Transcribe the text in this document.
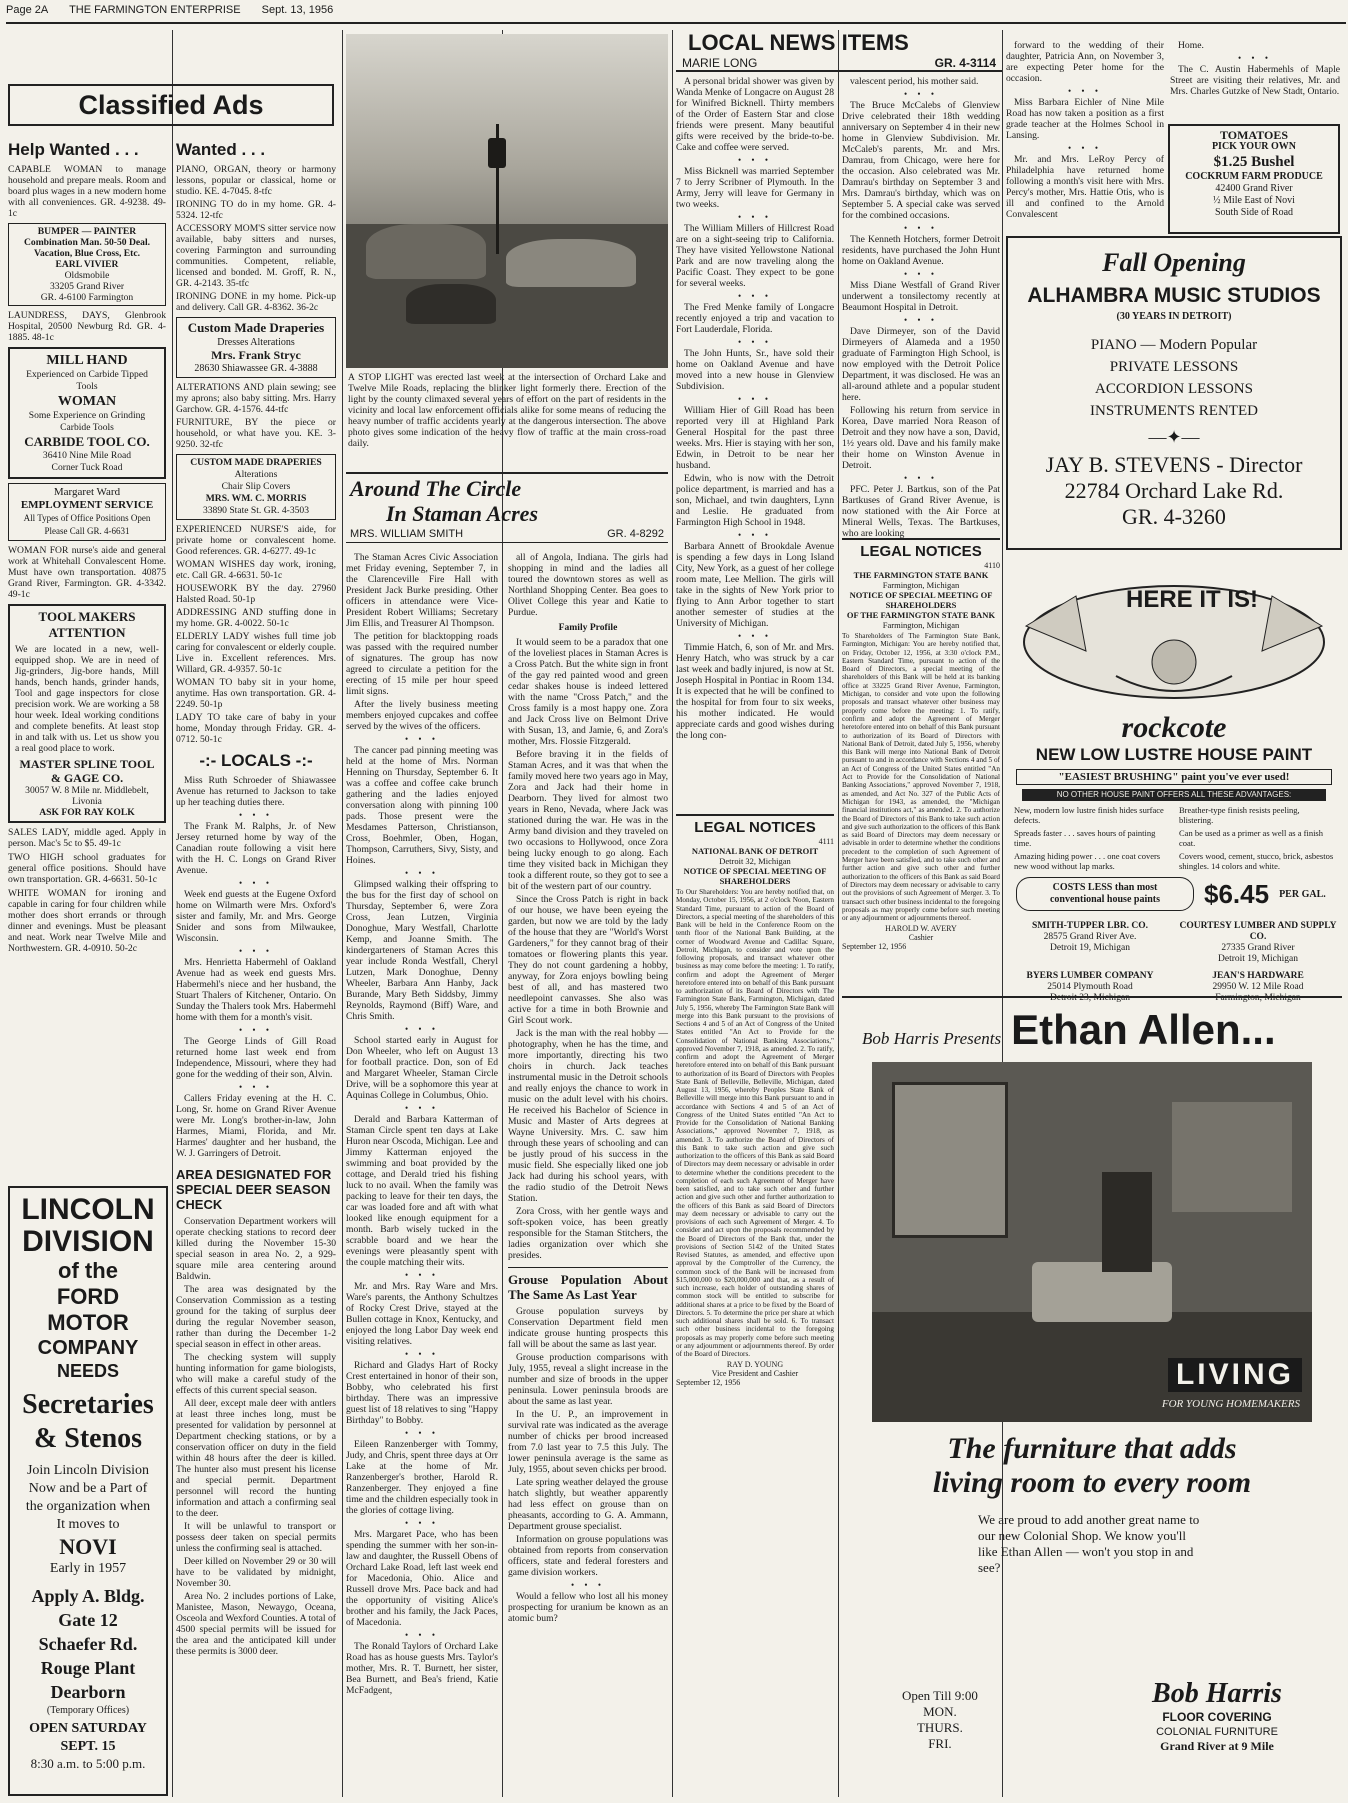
Page 2A THE FARMINGTON ENTERPRISE Sept. 13, 1956
Classified Ads
Help Wanted . . .
CAPABLE WOMAN to manage household and prepare meals. Room and board plus wages in a new modern home with all conveniences. GR. 4-9238. 49-1c
BUMPER — PAINTER
Combination Man. 50-50 Deal.
Vacation, Blue Cross, Etc.
EARL VIVIER
Oldsmobile
33205 Grand River
GR. 4-6100 Farmington
LAUNDRESS, DAYS, Glenbrook Hospital, 20500 Newburg Rd. GR. 4-1885. 48-1c
MILL HAND
Experienced on Carbide Tipped Tools
WOMAN
Some Experience on Grinding Carbide Tools
CARBIDE TOOL CO.
36410 Nine Mile Road
Corner Tuck Road
Margaret Ward
EMPLOYMENT SERVICE
All Types of Office Positions Open
Please Call GR. 4-6631
WOMAN FOR nurse's aide and general work at Whitehall Convalescent Home. Must have own transportation. 40875 Grand River, Farmington. GR. 4-3342. 49-1c
TOOL MAKERS ATTENTION
We are located in a new, well-equipped shop. We are in need of Jig-grinders, Jig-bore hands, Mill hands, bench hands, grinder hands, Tool and gage inspectors for close precision work. We are working a 58 hour week. Ideal working conditions and complete benefits. At least stop in and talk with us. Let us show you a real good place to work.
MASTER SPLINE TOOL & GAGE CO.
30057 W. 8 Mile nr. Middlebelt, Livonia
ASK FOR RAY KOLK
SALES LADY, middle aged. Apply in person. Mac's 5c to $5. 49-1c
TWO HIGH school graduates for general office positions. Should have own transportation. GR. 4-6631. 50-1c
WHITE WOMAN for ironing and capable in caring for four children while mother does short errands or through dinner and evenings. Must be pleasant and neat. Work near Twelve Mile and Northwestern. GR. 4-0910. 50-2c
LINCOLN
DIVISION
of the
FORD
MOTOR
COMPANY
NEEDS
Secretaries
& Stenos
Join Lincoln Division
Now and be a Part of
the organization when
It moves to
NOVI
Early in 1957
Apply A. Bldg.
Gate 12
Schaefer Rd.
Rouge Plant
Dearborn
(Temporary Offices)
OPEN SATURDAY
SEPT. 15
8:30 a.m. to 5:00 p.m.
Wanted . . .
PIANO, ORGAN, theory or harmony lessons, popular or classical, home or studio. KE. 4-7045. 8-tfc
IRONING TO do in my home. GR. 4-5324. 12-tfc
ACCESSORY MOM'S sitter service now available, baby sitters and nurses, covering Farmington and surrounding communities. Competent, reliable, licensed and bonded. M. Groff, R. N., GR. 4-2143. 35-tfc
IRONING DONE in my home. Pick-up and delivery. Call GR. 4-8362. 36-2c
Custom Made Draperies
Dresses Alterations
Mrs. Frank Stryc
28630 Shiawassee GR. 4-3888
ALTERATIONS AND plain sewing; see my aprons; also baby sitting. Mrs. Harry Garchow. GR. 4-1576. 44-tfc
FURNITURE, BY the piece or household, or what have you. KE. 3-9250. 32-tfc
CUSTOM MADE DRAPERIES
Alterations
Chair Slip Covers
MRS. WM. C. MORRIS
33890 State St. GR. 4-3503
EXPERIENCED NURSE'S aide, for private home or convalescent home. Good references. GR. 4-6277. 49-1c
WOMAN WISHES day work, ironing, etc. Call GR. 4-6631. 50-1c
HOUSEWORK BY the day. 27960 Halsted Road. 50-1p
ADDRESSING AND stuffing done in my home. GR. 4-0022. 50-1c
ELDERLY LADY wishes full time job caring for convalescent or elderly couple. Live in. Excellent references. Mrs. Willard, GR. 4-9357. 50-1c
WOMAN TO baby sit in your home, anytime. Has own transportation. GR. 4-2249. 50-1p
LADY TO take care of baby in your home, Monday through Friday. GR. 4-0712. 50-1c
-:- LOCALS -:-

Miss Ruth Schroeder of Shiawassee Avenue has returned to Jackson to take up her teaching duties there.

• • •

The Frank M. Ralphs, Jr. of New Jersey returned home by way of the Canadian route following a visit here with the H. C. Longs on Grand River Avenue.

• • •

Week end guests at the Eugene Oxford home on Wilmarth were Mrs. Oxford's sister and family, Mr. and Mrs. George Snider and sons from Milwaukee, Wisconsin.

• • •

Mrs. Henrietta Habermehl of Oakland Avenue had as week end guests Mrs. Habermehl's niece and her husband, the Stuart Thalers of Kitchener, Ontario. On Sunday the Thalers took Mrs. Habermehl home with them for a month's visit.

• • •

The George Linds of Gill Road returned home last week end from Independence, Missouri, where they had gone for the wedding of their son, Alvin.

• • •

Callers Friday evening at the H. C. Long, Sr. home on Grand River Avenue were Mr. Long's brother-in-law, John Harmes, Miami, Florida, and Mr. Harmes' daughter and her husband, the W. J. Garringers of Detroit.

AREA DESIGNATED FOR SPECIAL DEER SEASON CHECK

Conservation Department workers will operate checking stations to record deer killed during the November 15-30 special season in area No. 2, a 929-square mile area centering around Baldwin.

The area was designated by the Conservation Commission as a testing ground for the taking of surplus deer during the regular November season, rather than during the December 1-2 special season in effect in other areas.

The checking system will supply hunting information for game biologists, who will make a careful study of the effects of this current special season.

All deer, except male deer with antlers at least three inches long, must be presented for validation by personnel at Department checking stations, or by a conservation officer on duty in the field within 48 hours after the deer is killed. The hunter also must present his license and special permit. Department personnel will record the hunting information and attach a confirming seal to the deer.

It will be unlawful to transport or possess deer taken on special permits unless the confirming seal is attached.

Deer killed on November 29 or 30 will have to be validated by midnight, November 30.

Area No. 2 includes portions of Lake, Manistee, Mason, Newaygo, Oceana, Osceola and Wexford Counties. A total of 4500 special permits will be issued for the area and the anticipated kill under these permits is 3000 deer.

A STOP LIGHT was erected last week at the intersection of Orchard Lake and Twelve Mile Roads, replacing the blinker light formerly there. Erection of the light by the county climaxed several years of effort on the part of residents in the vicinity and local law enforcement officials alike for some means of reducing the heavy number of traffic accidents yearly at the dangerous intersection. The above photo gives some indication of the heavy flow of traffic at the main cross-road daily.
Around The Circle
In Staman Acres
MRS. WILLIAM SMITH	GR. 4-8292

The Staman Acres Civic Association met Friday evening, September 7, in the Clarenceville Fire Hall with President Jack Burke presiding. Other officers in attendance were Vice-President Robert Williams; Secretary Jim Ellis, and Treasurer Al Thompson.

The petition for blacktopping roads was passed with the required number of signatures. The group has now agreed to circulate a petition for the erecting of 15 mile per hour speed limit signs.

After the lively business meeting members enjoyed cupcakes and coffee served by the wives of the officers.

• • •

The cancer pad pinning meeting was held at the home of Mrs. Norman Henning on Thursday, September 6. It was a coffee and coffee cake brunch gathering and the ladies enjoyed conversation along with pinning 100 pads. Those present were the Mesdames Patterson, Christianson, Cross, Boehmler, Oben, Hogan, Thompson, Carruthers, Sivy, Sisty, and Hoines.

• • •

Glimpsed walking their offspring to the bus for the first day of school on Thursday, September 6, were Zora Cross, Jean Lutzen, Virginia Donoghue, Mary Westfall, Charlotte Kemp, and Joanne Smith. The kindergarteners of Staman Acres this year include Ronda Westfall, Cheryl Lutzen, Mark Donoghue, Denny Wheeler, Barbara Ann Hanby, Jack Burande, Mary Beth Siddsby, Jimmy Reynolds, Raymond (Biff) Ware, and Chris Smith.

• • •

School started early in August for Don Wheeler, who left on August 13 for football practice. Don, son of Ed and Margaret Wheeler, Staman Circle Drive, will be a sophomore this year at Aquinas College in Columbus, Ohio.

• • •

Derald and Barbara Katterman of Staman Circle spent ten days at Lake Huron near Oscoda, Michigan. Lee and Jimmy Katterman enjoyed the swimming and boat provided by the cottage, and Derald tried his fishing luck to no avail. When the family was packing to leave for their ten days, the car was loaded fore and aft with what looked like enough equipment for a month. Barb wisely tucked in the scrabble board and we hear the evenings were pleasantly spent with the couple matching their wits.

• • •

Mr. and Mrs. Ray Ware and Mrs. Ware's parents, the Anthony Schultzes of Rocky Crest Drive, stayed at the Bullen cottage in Knox, Kentucky, and enjoyed the long Labor Day week end visiting relatives.

• • •

Richard and Gladys Hart of Rocky Crest entertained in honor of their son, Bobby, who celebrated his first birthday. There was an impressive guest list of 18 relatives to sing "Happy Birthday" to Bobby.

• • •

Eileen Ranzenberger with Tommy, Judy, and Chris, spent three days at Orr Lake at the home of Mr. Ranzenberger's brother, Harold R. Ranzenberger. They enjoyed a fine time and the children especially took in the glories of cottage living.

• • •

Mrs. Margaret Pace, who has been spending the summer with her son-in-law and daughter, the Russell Obens of Orchard Lake Road, left last week end for Macedonia, Ohio. Alice and Russell drove Mrs. Pace back and had the opportunity of visiting Alice's brother and his family, the Jack Paces, of Macedonia.

• • •

The Ronald Taylors of Orchard Lake Road has as house guests Mrs. Taylor's mother, Mrs. R. T. Burnett, her sister, Bea Burnett, and Bea's friend, Katie McFadgent,

all of Angola, Indiana. The girls had shopping in mind and the ladies all toured the downtown stores as well as Northland Shopping Center. Bea goes to Olivet College this year and Katie to Purdue.

Family Profile

It would seem to be a paradox that one of the loveliest places in Staman Acres is a Cross Patch. But the white sign in front of the gay red painted wood and green cedar shakes house is indeed lettered with the name "Cross Patch," and the Cross family is a most happy one. Zora and Jack Cross live on Belmont Drive with Susan, 13, and Jamie, 6, and Zora's mother, Mrs. Flossie Fitzgerald.

Before braving it in the fields of Staman Acres, and it was that when the family moved here two years ago in May, Zora and Jack had their home in Dearborn. They lived for almost two years in Reno, Nevada, where Jack was stationed during the war. He was in the Army band division and they traveled on two occasions to Hollywood, once Zora being lucky enough to go along. Each time they visited back in Michigan they took a different route, so they got to see a bit of the western part of our country.

Since the Cross Patch is right in back of our house, we have been eyeing the garden, but now we are told by the lady of the house that they are "World's Worst Gardeners," for they cannot brag of their tomatoes or flowering plants this year. They do not count gardening a hobby, anyway, for Zora enjoys bowling being best of all, and has mastered two needlepoint canvasses. She also was active for a time in both Brownie and Girl Scout work.

Jack is the man with the real hobby — photography, when he has the time, and more importantly, directing his two choirs in church. Jack teaches instrumental music in the Detroit schools and really enjoys the chance to work in music on the adult level with his choirs. He received his Bachelor of Science in Music and Master of Arts degrees at Wayne University. Mrs. C. saw him through these years of schooling and can be justly proud of his success in the music field. She especially liked one job Jack had during his school years, with the radio studio of the Detroit News Station.

Zora Cross, with her gentle ways and soft-spoken voice, has been greatly responsible for the Staman Stitchers, the ladies organization over which she presides.

Grouse Population About The Same As Last Year

Grouse population surveys by Conservation Department field men indicate grouse hunting prospects this fall will be about the same as last year.

Grouse production comparisons with July, 1955, reveal a slight increase in the number and size of broods in the upper peninsula. Lower peninsula broods are about the same as last year.

In the U. P., an improvement in survival rate was indicated as the average number of chicks per brood increased from 7.0 last year to 7.5 this July. The lower peninsula average is the same as July, 1955, about seven chicks per brood.

Late spring weather delayed the grouse hatch slightly, but weather apparently had less effect on grouse than on pheasants, according to G. A. Ammann, Department grouse specialist.

Information on grouse populations was obtained from reports from conservation officers, state and federal foresters and game division workers.

• • •

Would a fellow who lost all his money prospecting for uranium be known as an atomic bum?

LOCAL NEWS ITEMS
MARIE LONG	GR. 4-3114

A personal bridal shower was given by Wanda Menke of Longacre on August 28 for Winifred Bicknell. Thirty members of the Order of Eastern Star and close friends were present. Many beautiful gifts were received by the bride-to-be. Cake and coffee were served.

• • •

Miss Bicknell was married September 7 to Jerry Scribner of Plymouth. In the Army, Jerry will leave for Germany in two weeks.

• • •

The William Millers of Hillcrest Road are on a sight-seeing trip to California. They have visited Yellowstone National Park and are now traveling along the Pacific Coast. They expect to be gone for several weeks.

• • •

The Fred Menke family of Longacre recently enjoyed a trip and vacation to Fort Lauderdale, Florida.

• • •

The John Hunts, Sr., have sold their home on Oakland Avenue and have moved into a new house in Glenview Subdivision.

• • •

William Hier of Gill Road has been reported very ill at Highland Park General Hospital for the past three weeks. Mrs. Hier is staying with her son, Edwin, in Detroit to be near her husband.

Edwin, who is now with the Detroit police department, is married and has a son, Michael, and twin daughters, Lynn and Leslie. He graduated from Farmington High School in 1948.

• • •

Barbara Annett of Brookdale Avenue is spending a few days in Long Island City, New York, as a guest of her college room mate, Lee Mellion. The girls will take in the sights of New York prior to flying to Ann Arbor together to start another semester of studies at the University of Michigan.

• • •

Timmie Hatch, 6, son of Mr. and Mrs. Henry Hatch, who was struck by a car last week and badly injured, is now at St. Joseph Hospital in Pontiac in Room 134. It is expected that he will be confined to the hospital for from four to six weeks, his mother indicated. He would appreciate cards and good wishes during the long con-

valescent period, his mother said.

• • •

The Bruce McCalebs of Glenview Drive celebrated their 18th wedding anniversary on September 4 in their new home in Glenview Subdivision. Mr. McCaleb's parents, Mr. and Mrs. Damrau, from Chicago, were here for the occasion. Also celebrated was Mr. Damrau's birthday on September 3 and Mrs. Damrau's birthday, which was on September 5. A special cake was served for the combined occasions.

• • •

The Kenneth Hotchers, former Detroit residents, have purchased the John Hunt home on Oakland Avenue.

• • •

Miss Diane Westfall of Grand River underwent a tonsilectomy recently at Beaumont Hospital in Detroit.

• • •

Dave Dirmeyer, son of the David Dirmeyers of Alameda and a 1950 graduate of Farmington High School, is now employed with the Detroit Police Department, it was disclosed. He was an all-around athlete and a popular student here.

Following his return from service in Korea, Dave married Nora Reason of Detroit and they now have a son, David, 1½ years old. Dave and his family make their home on Winston Avenue in Detroit.

• • •

PFC. Peter J. Bartkus, son of the Pat Bartkuses of Grand River Avenue, is now stationed with the Air Force at Mineral Wells, Texas. The Bartkuses, who are looking

LEGAL NOTICES
4111
NATIONAL BANK OF DETROIT
Detroit 32, Michigan
NOTICE OF SPECIAL MEETING OF SHAREHOLDERS
To Our Shareholders: You are hereby notified that, on Monday, October 15, 1956, at 2 o'clock Noon, Eastern Standard Time, pursuant to action of the Board of Directors, a special meeting of the shareholders of this Bank will be held in the Conference Room on the tenth floor of the National Bank Building, at the corner of Woodward Avenue and Cadillac Square, Detroit, Michigan, to consider and vote upon the following proposals, and transact whatever other business as may come before the meeting: 1. To ratify, confirm and adopt the Agreement of Merger heretofore entered into on behalf of this Bank pursuant to authorization of its Board of Directors with The Farmington State Bank, Farmington, Michigan, dated July 5, 1956, whereby The Farmington State Bank will merge into this Bank pursuant to the provisions of Sections 4 and 5 of an Act of Congress of the United States entitled "An Act to Provide for the Consolidation of National Banking Associations," approved November 7, 1918, as amended. 2. To ratify, confirm and adopt the Agreement of Merger heretofore entered into on behalf of this Bank pursuant to authorization of its Board of Directors with Peoples State Bank of Belleville, Belleville, Michigan, dated August 13, 1956, whereby Peoples State Bank of Belleville will merge into this Bank pursuant to and in accordance with Sections 4 and 5 of an Act of Congress of the United States entitled "An Act to Provide for the Consolidation of National Banking Associations," approved November 7, 1918, as amended. 3. To authorize the Board of Directors of this Bank to take such action and give such authorization to the officers of this Bank as said Board of Directors may deem necessary or advisable in order to determine whether the conditions precedent to the completion of each such Agreement of Merger have been satisfied, and to take such other and further action and give such other and further authorization to the officers of this Bank as said Board of Directors may deem necessary or advisable to carry out the provisions of each such Agreement of Merger. 4. To consider and act upon the proposals recommended by the Board of Directors of the Bank that, under the provisions of Section 5142 of the United States Revised Statutes, as amended, and effective upon approval by the Comptroller of the Currency, the common stock of the Bank will be increased from $15,000,000 to $20,000,000 and that, as a result of such increase, each holder of outstanding shares of common stock will be entitled to subscribe for additional shares at a price to be fixed by the Board of Directors. 5. To determine the price per share at which such additional shares shall be sold. 6. To transact such other business incidental to the foregoing proposals as may properly come before such meeting or any adjournment or adjournments thereof. By order of the Board of Directors.
RAY D. YOUNG
Vice President and Cashier
September 12, 1956
LEGAL NOTICES
4110
THE FARMINGTON STATE BANK
Farmington, Michigan
NOTICE OF SPECIAL MEETING OF SHAREHOLDERS
OF THE FARMINGTON STATE BANK
Farmington, Michigan
To Shareholders of The Farmington State Bank, Farmington, Michigan: You are hereby notified that, on Friday, October 12, 1956, at 3:30 o'clock P.M., Eastern Standard Time, pursuant to action of the Board of Directors, a special meeting of the shareholders of this Bank will be held at its banking office at 33225 Grand River Avenue, Farmington, Michigan, to consider and vote upon the following proposals and transact whatever other business may properly come before the meeting: 1. To ratify, confirm and adopt the Agreement of Merger heretofore entered into on behalf of this Bank pursuant to authorization of its Board of Directors with National Bank of Detroit, dated July 5, 1956, whereby this Bank will merge into National Bank of Detroit pursuant to and in accordance with Sections 4 and 5 of an Act of Congress of the United States entitled "An Act to Provide for the Consolidation of National Banking Associations," approved November 7, 1918, as amended, and Act No. 327 of the Public Acts of Michigan for 1943, as amended, the "Michigan financial institutions act," as amended. 2. To authorize the Board of Directors of this Bank to take such action and give such authorization to the officers of this Bank as said Board of Directors may deem necessary or advisable in order to determine whether the conditions precedent to the completion of such Agreement of Merger have been satisfied, and to take such other and further action and give such other and further authorization to the officers of this Bank as said Board of Directors may deem necessary or advisable to carry out the provisions of such Agreement of Merger. 3. To transact such other business incidental to the foregoing proposals as may properly come before such meeting or any adjournment or adjournments thereof.
HAROLD W. AVERY
Cashier
September 12, 1956

forward to the wedding of their daughter, Patricia Ann, on November 3, are expecting Peter home for the occasion.

• • •

Miss Barbara Eichler of Nine Mile Road has now taken a position as a first grade teacher at the Holmes School in Lansing.

• • •

Mr. and Mrs. LeRoy Percy of Philadelphia have returned home following a month's visit here with Mrs. Percy's mother, Mrs. Hattie Otis, who is ill and confined to the Arnold Convalescent

Home.

• • •

The C. Austin Habermehls of Maple Street are visiting their relatives, Mr. and Mrs. Charles Gutzke of New Stadt, Ontario.

TOMATOES
PICK YOUR OWN
$1.25 Bushel
COCKRUM FARM PRODUCE
42400 Grand River
½ Mile East of Novi
South Side of Road
Fall Opening
ALHAMBRA MUSIC STUDIOS
(30 YEARS IN DETROIT)
PIANO — Modern Popular
PRIVATE LESSONS
ACCORDION LESSONS
INSTRUMENTS RENTED
—✦—
JAY B. STEVENS - Director
22784 Orchard Lake Rd.
GR. 4-3260
HERE IT IS!
rockcote
NEW LOW LUSTRE HOUSE PAINT
"EASIEST BRUSHING" paint you've ever used!
NO OTHER HOUSE PAINT OFFERS ALL THESE ADVANTAGES:
New, modern low lustre finish hides surface defects.
Spreads faster . . . saves hours of painting time.
Amazing hiding power . . . one coat covers new wood without lap marks.
Breather-type finish resists peeling, blistering.
Can be used as a primer as well as a finish coat.
Covers wood, cement, stucco, brick, asbestos shingles. 14 colors and white.
COSTS LESS than most conventional house paints	$6.45 PER GAL.
SMITH-TUPPER LBR. CO.
28575 Grand River Ave.
Detroit 19, Michigan
COURTESY LUMBER AND SUPPLY CO.
27335 Grand River
Detroit 19, Michigan
BYERS LUMBER COMPANY
25014 Plymouth Road
Detroit 23, Michigan
JEAN'S HARDWARE
29950 W. 12 Mile Road
Farmington, Michigan
Bob Harris Presents Ethan Allen...
LIVING
FOR YOUNG HOMEMAKERS
The furniture that adds
living room to every room
We are proud to add another great name to our new Colonial Shop. We know you'll like Ethan Allen — won't you stop in and see?
Open Till 9:00
MON.
THURS.
FRI.
Bob Harris
FLOOR COVERING
COLONIAL FURNITURE
Grand River at 9 Mile
